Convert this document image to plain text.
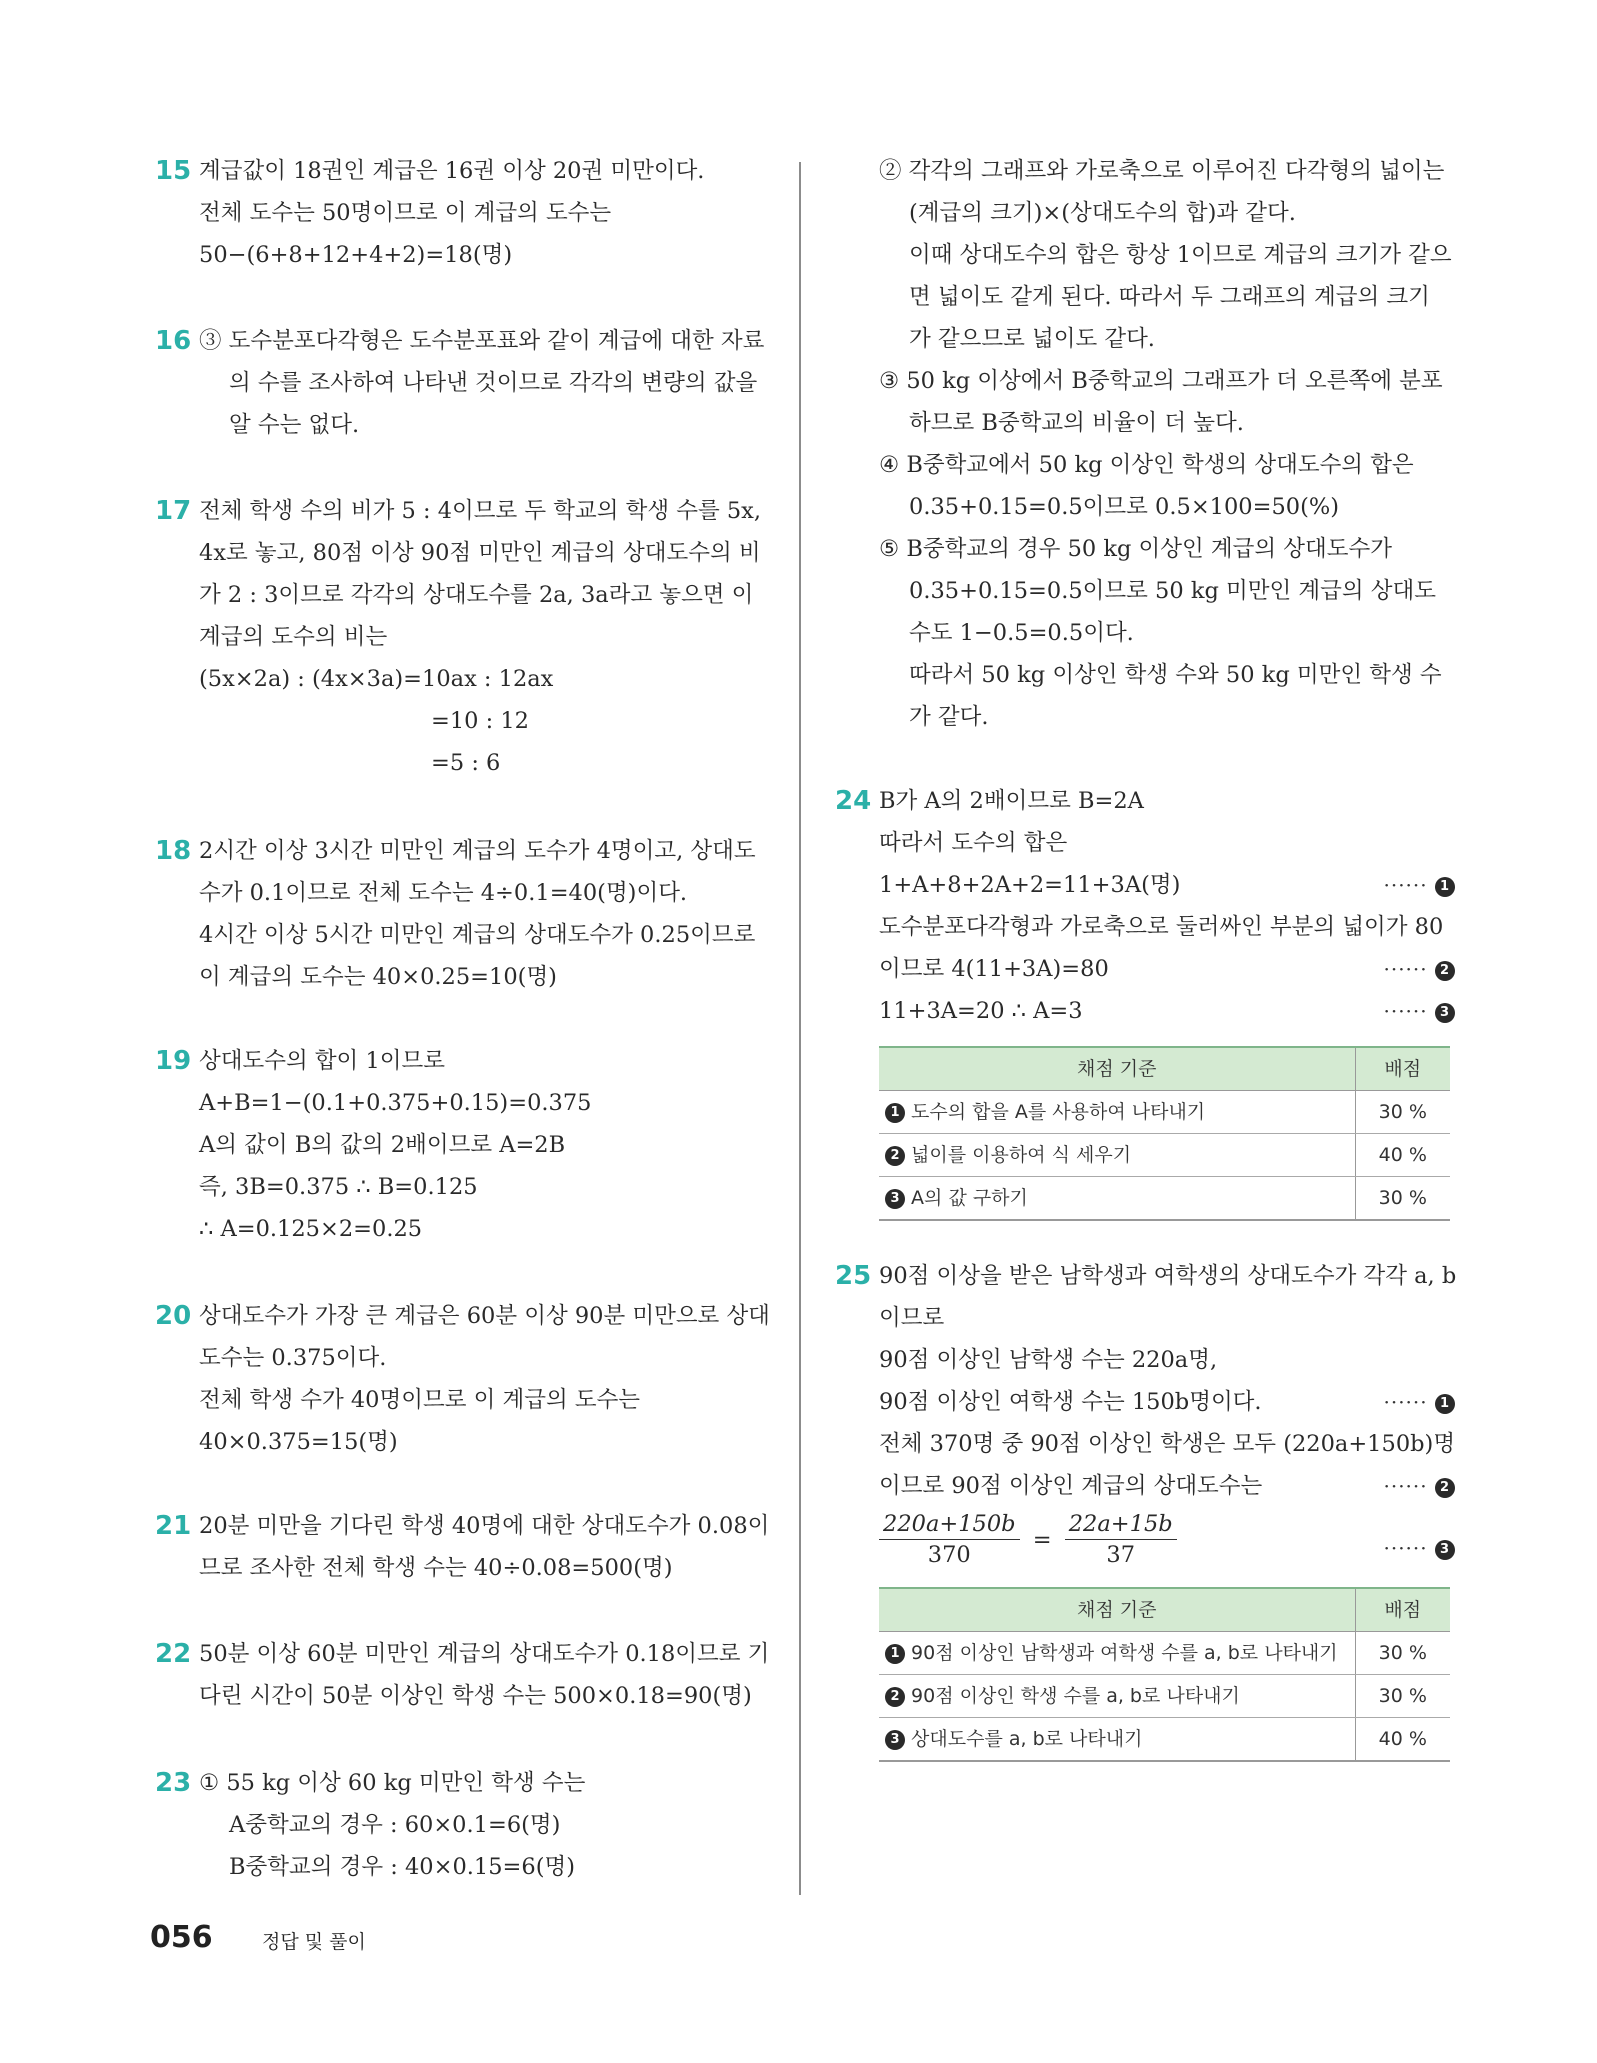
15 계급값이 18권인 계급은 16권 이상 20권 미만이다.
전체 도수는 50명이므로 이 계급의 도수는
50−(6+8+12+4+2)=18(명)
16 ③ 도수분포다각형은 도수분포표와 같이 계급에 대한 자료
의 수를 조사하여 나타낸 것이므로 각각의 변량의 값을
알 수는 없다.
17 전체 학생 수의 비가 5 : 4이므로 두 학교의 학생 수를 5x,
4x로 놓고, 80점 이상 90점 미만인 계급의 상대도수의 비
가 2 : 3이므로 각각의 상대도수를 2a, 3a라고 놓으면 이
계급의 도수의 비는
(5x×2a) : (4x×3a)=10ax : 12ax
=10 : 12
=5 : 6
18 2시간 이상 3시간 미만인 계급의 도수가 4명이고, 상대도
수가 0.1이므로 전체 도수는 4÷0.1=40(명)이다.
4시간 이상 5시간 미만인 계급의 상대도수가 0.25이므로
이 계급의 도수는 40×0.25=10(명)
19 상대도수의 합이 1이므로
A+B=1−(0.1+0.375+0.15)=0.375
A의 값이 B의 값의 2배이므로 A=2B
즉, 3B=0.375 ∴ B=0.125
∴ A=0.125×2=0.25
20 상대도수가 가장 큰 계급은 60분 이상 90분 미만으로 상대
도수는 0.375이다.
전체 학생 수가 40명이므로 이 계급의 도수는
40×0.375=15(명)
21 20분 미만을 기다린 학생 40명에 대한 상대도수가 0.08이
므로 조사한 전체 학생 수는 40÷0.08=500(명)
22 50분 이상 60분 미만인 계급의 상대도수가 0.18이므로 기
다린 시간이 50분 이상인 학생 수는 500×0.18=90(명)
23 ① 55 kg 이상 60 kg 미만인 학생 수는
A중학교의 경우 : 60×0.1=6(명)
B중학교의 경우 : 40×0.15=6(명)
② 각각의 그래프와 가로축으로 이루어진 다각형의 넓이는
(계급의 크기)×(상대도수의 합)과 같다.
이때 상대도수의 합은 항상 1이므로 계급의 크기가 같으
면 넓이도 같게 된다. 따라서 두 그래프의 계급의 크기
가 같으므로 넓이도 같다.
③ 50 kg 이상에서 B중학교의 그래프가 더 오른쪽에 분포
하므로 B중학교의 비율이 더 높다.
④ B중학교에서 50 kg 이상인 학생의 상대도수의 합은
0.35+0.15=0.5이므로 0.5×100=50(%)
⑤ B중학교의 경우 50 kg 이상인 계급의 상대도수가
0.35+0.15=0.5이므로 50 kg 미만인 계급의 상대도
수도 1−0.5=0.5이다.
따라서 50 kg 이상인 학생 수와 50 kg 미만인 학생 수
가 같다.
24 B가 A의 2배이므로 B=2A
따라서 도수의 합은
1+A+8+2A+2=11+3A(명)	······ 1
도수분포다각형과 가로축으로 둘러싸인 부분의 넓이가 80
이므로 4(11+3A)=80	······ 2
11+3A=20 ∴ A=3	······ 3
채점 기준	배점
1 도수의 합을 A를 사용하여 나타내기	30 %
2 넓이를 이용하여 식 세우기	40 %
3 A의 값 구하기	30 %
25 90점 이상을 받은 남학생과 여학생의 상대도수가 각각 a, b
이므로
90점 이상인 남학생 수는 220a명,
90점 이상인 여학생 수는 150b명이다.	······ 1
전체 370명 중 90점 이상인 학생은 모두 (220a+150b)명
이므로 90점 이상인 계급의 상대도수는	······ 2
$\frac{220a+150b}{370} = \frac{22a+15b}{37}$	······ 3
채점 기준	배점
1 90점 이상인 남학생과 여학생 수를 a, b로 나타내기	30 %
2 90점 이상인 학생 수를 a, b로 나타내기	30 %
3 상대도수를 a, b로 나타내기	40 %
056	정답 및 풀이
